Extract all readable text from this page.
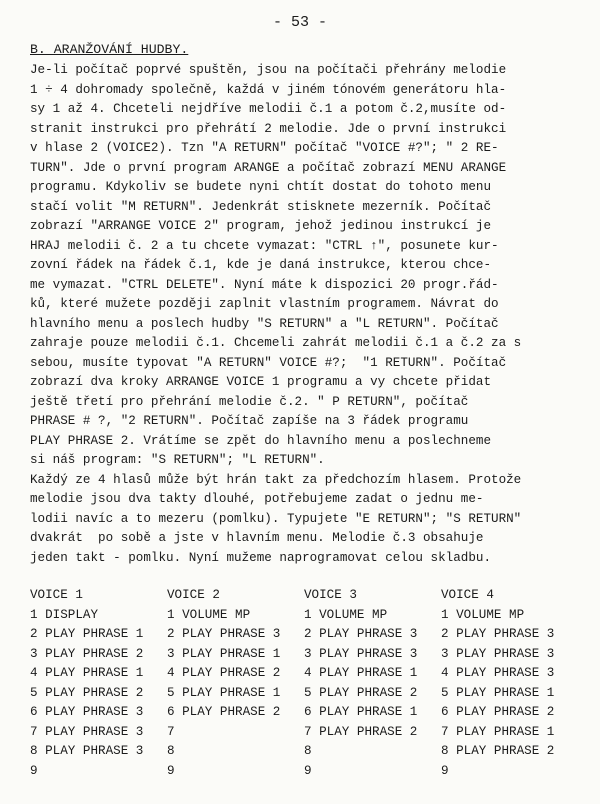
- 53 -
B. ARANŽOVÁNÍ HUDBY.
Je-li počítač poprvé spuštěn, jsou na počítači přehrány melodie
1 ÷ 4 dohromady společně, každá v jiném tónovém generátoru hla-
sy 1 až 4. Chceteli nejdříve melodii č.1 a potom č.2,musíte od-
stranit instrukci pro přehrátí 2 melodie. Jde o první instrukci
v hlase 2 (VOICE2). Tzn "A RETURN" počítač "VOICE #?"; " 2 RE-
TURN". Jde o první program ARANGE a počítač zobrazí MENU ARANGE
programu. Kdykoliv se budete nyni chtít dostat do tohoto menu
stačí volit "M RETURN". Jedenkrát stisknete mezerník. Počítač
zobrazí "ARRANGE VOICE 2" program, jehož jedinou instrukcí je
HRAJ melodii č. 2 a tu chcete vymazat: "CTRL ↑", posunete kur-
zovní řádek na řádek č.1, kde je daná instrukce, kterou chce-
me vymazat. "CTRL DELETE". Nyní máte k dispozici 20 progr.řád-
ků, které mužete později zaplnit vlastním programem. Návrat do
hlavního menu a poslech hudby "S RETURN" a "L RETURN". Počítač
zahraje pouze melodii č.1. Chcemeli zahrát melodii č.1 a č.2 za s
sebou, musíte typovat "A RETURN" VOICE #?;  "1 RETURN". Počítač
zobrazí dva kroky ARRANGE VOICE 1 programu a vy chcete přidat
ještě třetí pro přehrání melodie č.2. " P RETURN", počítač
PHRASE # ?, "2 RETURN". Počítač zapíše na 3 řádek programu
PLAY PHRASE 2. Vrátíme se zpět do hlavního menu a poslechneme
si náš program: "S RETURN"; "L RETURN".
Každý ze 4 hlasů může být hrán takt za předchozím hlasem. Protože
melodie jsou dva takty dlouhé, potřebujeme zadat o jednu me-
lodii navíc a to mezeru (pomlku). Typujete "E RETURN"; "S RETURN"
dvakrát  po sobě a jste v hlavním menu. Melodie č.3 obsahuje
jeden takt - pomlku. Nyní mužeme naprogramovat celou skladbu.
VOICE 1
1 DISPLAY
2 PLAY PHRASE 1
3 PLAY PHRASE 2
4 PLAY PHRASE 1
5 PLAY PHRASE 2
6 PLAY PHRASE 3
7 PLAY PHRASE 3
8 PLAY PHRASE 3
9
VOICE 2
1 VOLUME MP
2 PLAY PHRASE 3
3 PLAY PHRASE 1
4 PLAY PHRASE 2
5 PLAY PHRASE 1
6 PLAY PHRASE 2
7
8
9
VOICE 3
1 VOLUME MP
2 PLAY PHRASE 3
3 PLAY PHRASE 3
4 PLAY PHRASE 1
5 PLAY PHRASE 2
6 PLAY PHRASE 1
7 PLAY PHRASE 2
8
9
VOICE 4
1 VOLUME MP
2 PLAY PHRASE 3
3 PLAY PHRASE 3
4 PLAY PHRASE 3
5 PLAY PHRASE 1
6 PLAY PHRASE 2
7 PLAY PHRASE 1
8 PLAY PHRASE 2
9
